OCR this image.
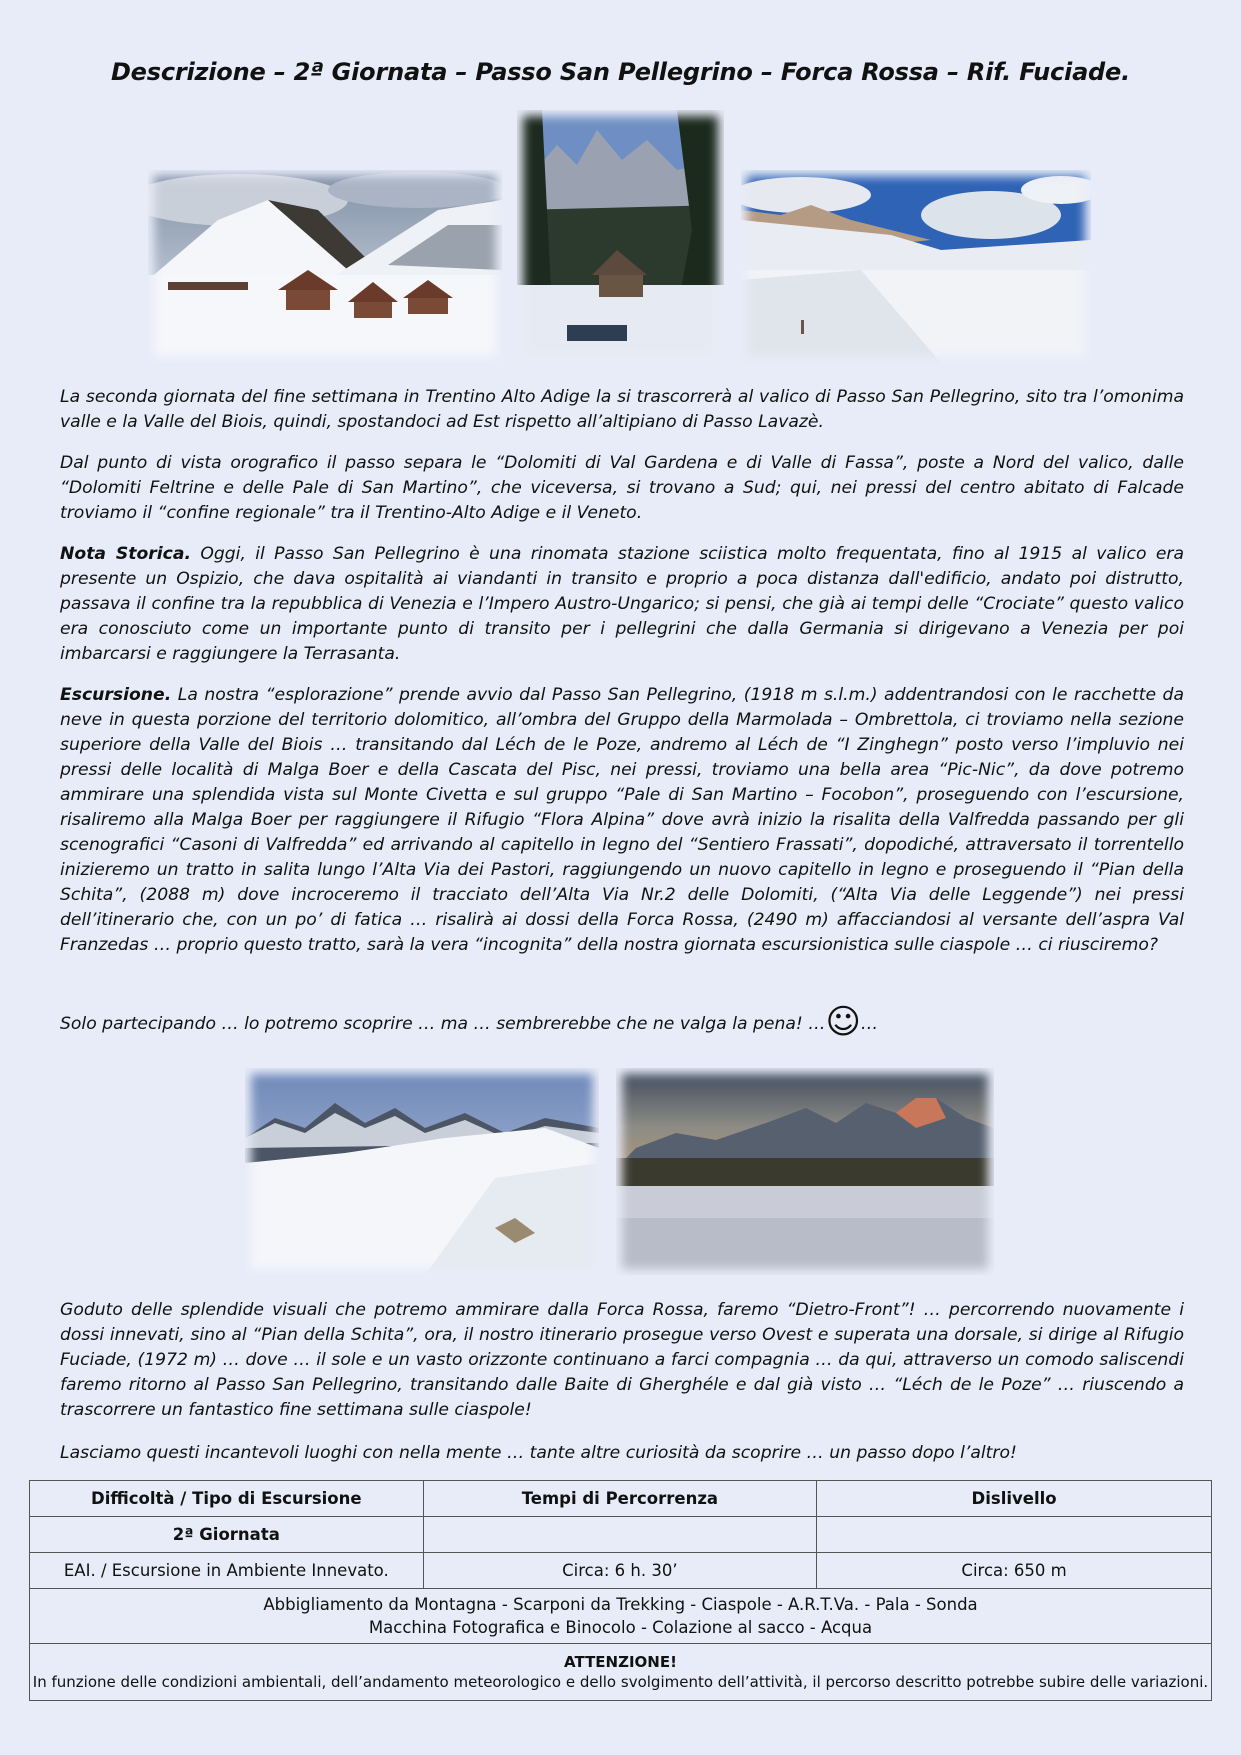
Descrizione – 2ª Giornata – Passo San Pellegrino – Forca Rossa – Rif. Fuciade.

La seconda giornata del fine settimana in Trentino Alto Adige la si trascorrerà al valico di Passo San Pellegrino, sito tra l’omonima valle e la Valle del Biois, quindi, spostandoci ad Est rispetto all’altipiano di Passo Lavazè.

Dal punto di vista orografico il passo separa le “Dolomiti di Val Gardena e di Valle di Fassa”, poste a Nord del valico, dalle “Dolomiti Feltrine e delle Pale di San Martino”, che viceversa, si trovano a Sud; qui, nei pressi del centro abitato di Falcade troviamo il “confine regionale” tra il Trentino-Alto Adige e il Veneto.

Nota Storica. Oggi, il Passo San Pellegrino è una rinomata stazione sciistica molto frequentata, fino al 1915 al valico era presente un Ospizio, che dava ospitalità ai viandanti in transito e proprio a poca distanza dall'edificio, andato poi distrutto, passava il confine tra la repubblica di Venezia e l’Impero Austro-Ungarico; si pensi, che già ai tempi delle “Crociate” questo valico era conosciuto come un importante punto di transito per i pellegrini che dalla Germania si dirigevano a Venezia per poi imbarcarsi e raggiungere la Terrasanta.

Escursione. La nostra “esplorazione” prende avvio dal Passo San Pellegrino, (1918 m s.l.m.) addentrandosi con le racchette da neve in questa porzione del territorio dolomitico, all’ombra del Gruppo della Marmolada – Ombrettola, ci troviamo nella sezione superiore della Valle del Biois … transitando dal Léch de le Poze, andremo al Léch de “I Zinghegn” posto verso l’impluvio nei pressi delle località di Malga Boer e della Cascata del Pisc, nei pressi, troviamo una bella area “Pic-Nic”, da dove potremo ammirare una splendida vista sul Monte Civetta e sul gruppo “Pale di San Martino – Focobon”, proseguendo con l’escursione, risaliremo alla Malga Boer per raggiungere il Rifugio “Flora Alpina” dove avrà inizio la risalita della Valfredda passando per gli scenografici “Casoni di Valfredda” ed arrivando al capitello in legno del “Sentiero Frassati”, dopodiché, attraversato il torrentello inizieremo un tratto in salita lungo l’Alta Via dei Pastori, raggiungendo un nuovo capitello in legno e proseguendo il “Pian della Schita”, (2088 m) dove incroceremo il tracciato dell’Alta Via Nr.2 delle Dolomiti, (“Alta Via delle Leggende”) nei pressi dell’itinerario che, con un po’ di fatica … risalirà ai dossi della Forca Rossa, (2490 m) affacciandosi al versante dell’aspra Val Franzedas … proprio questo tratto, sarà la vera “incognita” della nostra giornata escursionistica sulle ciaspole … ci riusciremo?

Solo partecipando … lo potremo scoprire … ma … sembrerebbe che ne valga la pena! …☺…

Goduto delle splendide visuali che potremo ammirare dalla Forca Rossa, faremo “Dietro-Front”! … percorrendo nuovamente i dossi innevati, sino al “Pian della Schita”, ora, il nostro itinerario prosegue verso Ovest e superata una dorsale, si dirige al Rifugio Fuciade, (1972 m) … dove … il sole e un vasto orizzonte continuano a farci compagnia … da qui, attraverso un comodo saliscendi faremo ritorno al Passo San Pellegrino, transitando dalle Baite di Gherghéle e dal già visto … “Léch de le Poze” … riuscendo a trascorrere un fantastico fine settimana sulle ciaspole!

Lasciamo questi incantevoli luoghi con nella mente … tante altre curiosità da scoprire … un passo dopo l’altro!

Difficoltà / Tipo di Escursione	Tempi di Percorrenza	Dislivello
2ª Giornata		
EAI. / Escursione in Ambiente Innevato.	Circa: 6 h. 30’	Circa: 650 m

Abbigliamento da Montagna - Scarponi da Trekking - Ciaspole - A.R.T.Va. - Pala - Sonda
Macchina Fotografica e Binocolo - Colazione al sacco - Acqua		

ATTENZIONE!
In funzione delle condizioni ambientali, dell’andamento meteorologico e dello svolgimento dell’attività, il percorso descritto potrebbe subire delle variazioni.		
